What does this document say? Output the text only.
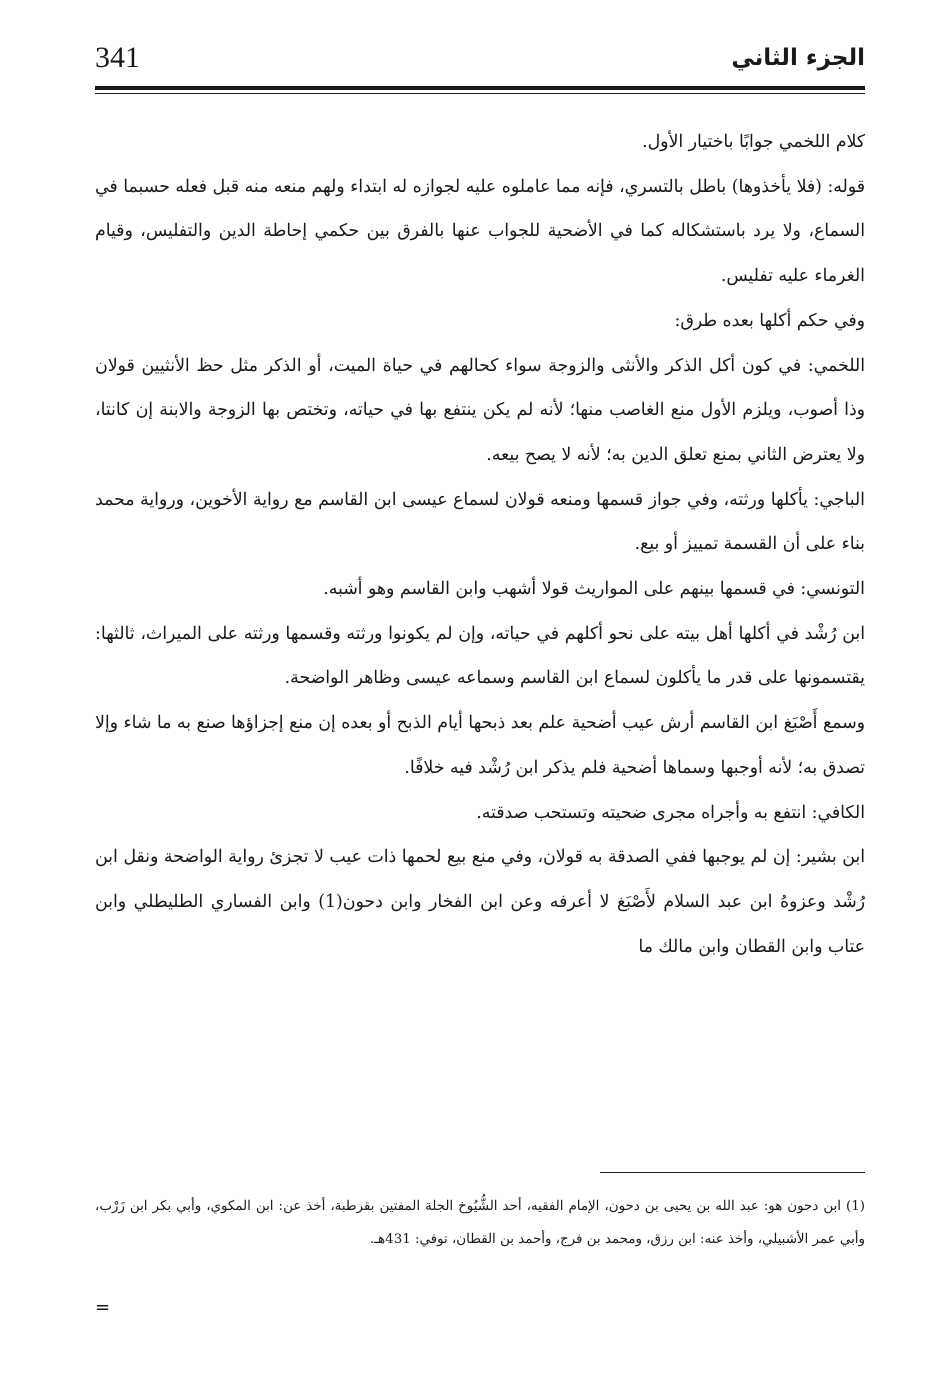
341	الجزء الثاني

كلام اللخمي جوابًا باختيار الأول.

قوله: (فلا يأخذوها) باطل بالتسري، فإنه مما عاملوه عليه لجوازه له ابتداء ولهم منعه منه قبل فعله حسبما في السماع، ولا يرد باستشكاله كما في الأضحية للجواب عنها بالفرق بين حكمي إحاطة الدين والتفليس، وقيام الغرماء عليه تفليس.

وفي حكم أكلها بعده طرق:

اللخمي: في كون أكل الذكر والأنثى والزوجة سواء كحالهم في حياة الميت، أو الذكر مثل حظ الأنثيين قولان وذا أصوب، ويلزم الأول منع الغاصب منها؛ لأنه لم يكن ينتفع بها في حياته، وتختص بها الزوجة والابنة إن كانتا، ولا يعترض الثاني بمنع تعلق الدين به؛ لأنه لا يصح بيعه.

الباجي: يأكلها ورثته، وفي جواز قسمها ومنعه قولان لسماع عيسى ابن القاسم مع رواية الأخوين، ورواية محمد بناء على أن القسمة تمييز أو بيع.

التونسي: في قسمها بينهم على المواريث قولا أشهب وابن القاسم وهو أشبه.

ابن رُشْد في أكلها أهل بيته على نحو أكلهم في حياته، وإن لم يكونوا ورثته وقسمها ورثته على الميراث، ثالثها: يقتسمونها على قدر ما يأكلون لسماع ابن القاسم وسماعه عيسى وظاهر الواضحة.

وسمع أَصْبَغ ابن القاسم أرش عيب أضحية علم بعد ذبحها أيام الذبح أو بعده إن منع إجزاؤها صنع به ما شاء وإلا تصدق به؛ لأنه أوجبها وسماها أضحية فلم يذكر ابن رُشْد فيه خلافًا.

الكافي: انتفع به وأجراه مجرى ضحيته وتستحب صدقته.

ابن بشير: إن لم يوجبها ففي الصدقة به قولان، وفي منع بيع لحمها ذات عيب لا تجزئ رواية الواضحة ونقل ابن رُشْد وعزوهُ ابن عبد السلام لأَصْبَغ لا أعرفه وعن ابن الفخار وابن دحون(1) وابن الفساري الطليطلي وابن عتاب وابن القطان وابن مالك ما

(1) ابن دحون هو: عبد الله بن يحيى بن دحون، الإمام الفقيه، أحد الشُّيُوخ الجلة المفتين بقرطبة، أخذ عن: ابن المكوي، وأبي بكر ابن زَرْب، وأبي عمر الأشبيلي، وأخذ عنه: ابن رزق، ومحمد بن فرج، وأحمد بن القطان، توفي: 431هـ.

=
